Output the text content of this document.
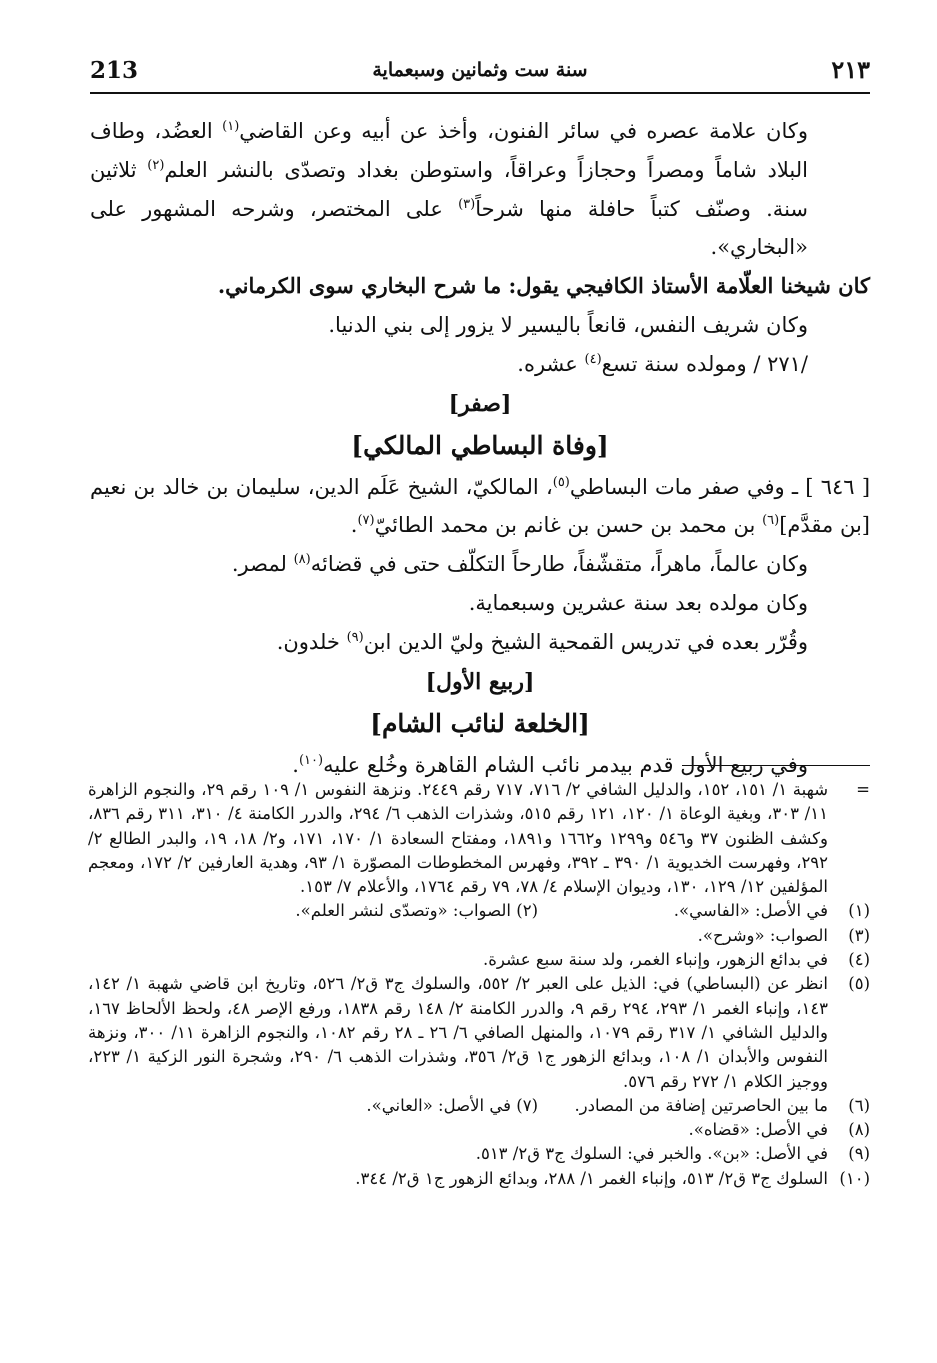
213	سنة ست وثمانين وسبعماية	٢١٣

وكان علامة عصره في سائر الفنون، وأخذ عن أبيه وعن القاضي$^{(١)}$ العضُد، وطاف البلاد شاماً ومصراً وحجازاً وعراقاً، واستوطن بغداد وتصدّى بالنشر العلم$^{(٢)}$ ثلاثين سنة. وصنّف كتباً حافلة منها شرحاً$^{(٣)}$ على المختصر، وشرحه المشهور على «البخاري».

كان شيخنا العلّامة الأستاذ الكافيجي يقول: ما شرح البخاري سوى الكرماني.

وكان شريف النفس، قانعاً باليسير لا يزور إلى بني الدنيا.

/ ٢٧١/ ومولده سنة تسع$^{(٤)}$ عشره.

[صفر]

[وفاة البساطي المالكي]

[ ٦٤٦ ] ـ وفي صفر مات البساطي$^{(٥)}$، المالكيّ، الشيخ عَلَم الدين، سليمان بن خالد بن نعيم [بن مقدَّم]$^{(٦)}$ بن محمد بن حسن بن غانم بن محمد الطائيّ$^{(٧)}$.

وكان عالماً، ماهراً، متقشّفاً، طارحاً التكلّف حتى في قضائه$^{(٨)}$ لمصر.

وكان مولده بعد سنة عشرين وسبعماية.

وقُرّر بعده في تدريس القمحية الشيخ وليّ الدين ابن$^{(٩)}$ خلدون.

[ربيع الأول]

[الخلعة لنائب الشام]

وفي ربيع الأول قدم بيدمر نائب الشام القاهرة وخُلع عليه$^{(١٠)}$.

=
شهبة ١/ ١٥١، ١٥٢، والدليل الشافي ٢/ ٧١٦، ٧١٧ رقم ٢٤٤٩. ونزهة النفوس ١/ ١٠٩ رقم ٢٩، والنجوم الزاهرة ١١/ ٣٠٣، وبغية الوعاة ١/ ١٢٠، ١٢١ رقم ٥١٥، وشذرات الذهب ٦/ ٢٩٤، والدرر الكامنة ٤/ ٣١٠، ٣١١ رقم ٨٣٦، وكشف الظنون ٣٧ و٥٤٦ و١٢٩٩ و١٦٦٢ و١٨٩١، ومفتاح السعادة ١/ ١٧٠، ١٧١، و٢/ ١٨، ١٩، والبدر الطالع ٢/ ٢٩٢، وفهرست الخديوية ١/ ٣٩٠ ـ ٣٩٢، وفهرس المخطوطات المصوّرة ١/ ٩٣، وهدية العارفين ٢/ ١٧٢، ومعجم المؤلفين ١٢/ ١٢٩، ١٣٠، وديوان الإسلام ٤/ ٧٨، ٧٩ رقم ١٧٦٤، والأعلام ٧/ ١٥٣.

(١)
في الأصل: «الفاسي».
(٢) الصواب: «وتصدّى لنشر العلم».

(٣)
الصواب: «وشرح».

(٤)
في بدائع الزهور، وإنباء الغمر، ولد سنة سبع عشرة.

(٥)
انظر عن (البساطي) في: الذيل على العبر ٢/ ٥٥٢، والسلوك ج٣ ق٢/ ٥٢٦، وتاريخ ابن قاضي شهبة ١/ ١٤٢، ١٤٣، وإنباء الغمر ١/ ٢٩٣، ٢٩٤ رقم ٩، والدرر الكامنة ٢/ ١٤٨ رقم ١٨٣٨، ورفع الإصر ٤٨، ولحظ الألحاظ ١٦٧، والدليل الشافي ١/ ٣١٧ رقم ١٠٧٩، والمنهل الصافي ٦/ ٢٦ ـ ٢٨ رقم ١٠٨٢، والنجوم الزاهرة ١١/ ٣٠٠، ونزهة النفوس والأبدان ١/ ١٠٨، وبدائع الزهور ج١ ق٢/ ٣٥٦، وشذرات الذهب ٦/ ٢٩٠، وشجرة النور الزكية ١/ ٢٢٣، ووجيز الكلام ١/ ٢٧٢ رقم ٥٧٦.

(٦)
ما بين الحاصرتين إضافة من المصادر.
(٧) في الأصل: «العاني».

(٨)
في الأصل: «قضاه».

(٩)
في الأصل: «بن». والخبر في: السلوك ج٣ ق٢/ ٥١٣.

(١٠)
السلوك ج٣ ق٢/ ٥١٣، وإنباء الغمر ١/ ٢٨٨، وبدائع الزهور ج١ ق٢/ ٣٤٤.
